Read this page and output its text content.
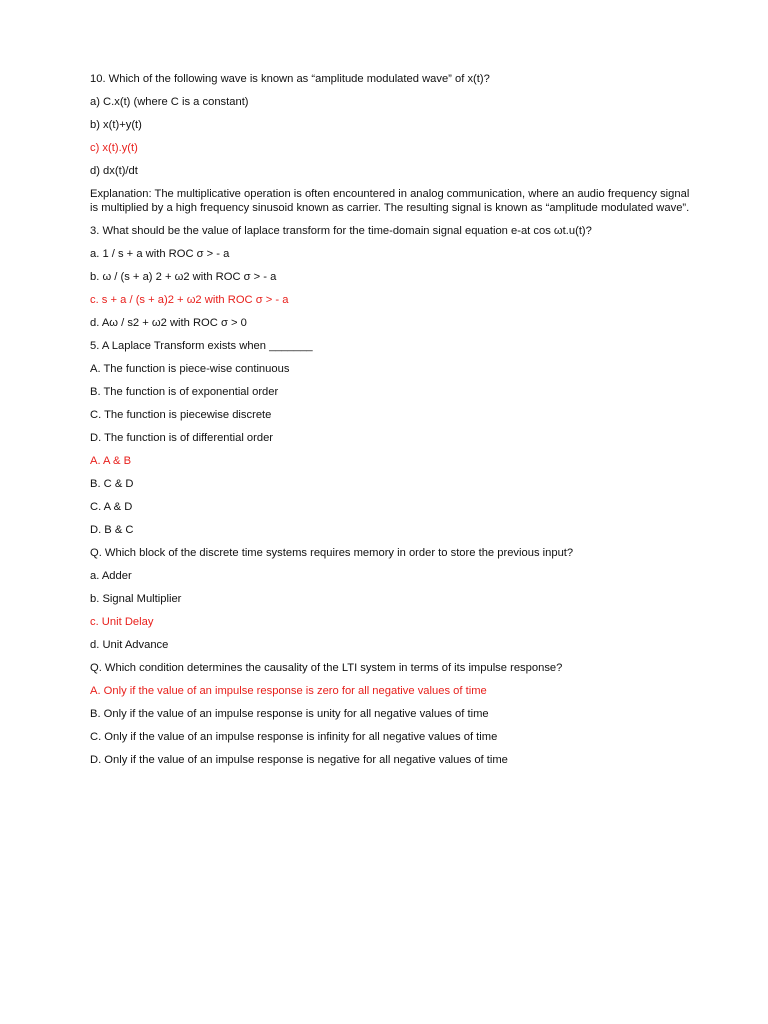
10. Which of the following wave is known as “amplitude modulated wave” of x(t)?
a) C.x(t) (where C is a constant)
b) x(t)+y(t)
c) x(t).y(t)
d) dx(t)/dt
Explanation: The multiplicative operation is often encountered in analog communication, where an audio frequency signal is multiplied by a high frequency sinusoid known as carrier. The resulting signal is known as “amplitude modulated wave”.
3. What should be the value of laplace transform for the time-domain signal equation e-at cos ωt.u(t)?
a. 1 / s + a with ROC σ > - a
b. ω / (s + a) 2 + ω2 with ROC σ > - a
c. s + a / (s + a)2 + ω2 with ROC σ > - a
d. Aω / s2 + ω2 with ROC σ > 0
5. A Laplace Transform exists when _______
A. The function is piece-wise continuous
B. The function is of exponential order
C. The function is piecewise discrete
D. The function is of differential order
A. A & B
B. C & D
C. A & D
D. B & C
Q. Which block of the discrete time systems requires memory in order to store the previous input?
a. Adder
b. Signal Multiplier
c. Unit Delay
d. Unit Advance
Q. Which condition determines the causality of the LTI system in terms of its impulse response?
A. Only if the value of an impulse response is zero for all negative values of time
B. Only if the value of an impulse response is unity for all negative values of time
C. Only if the value of an impulse response is infinity for all negative values of time
D. Only if the value of an impulse response is negative for all negative values of time
